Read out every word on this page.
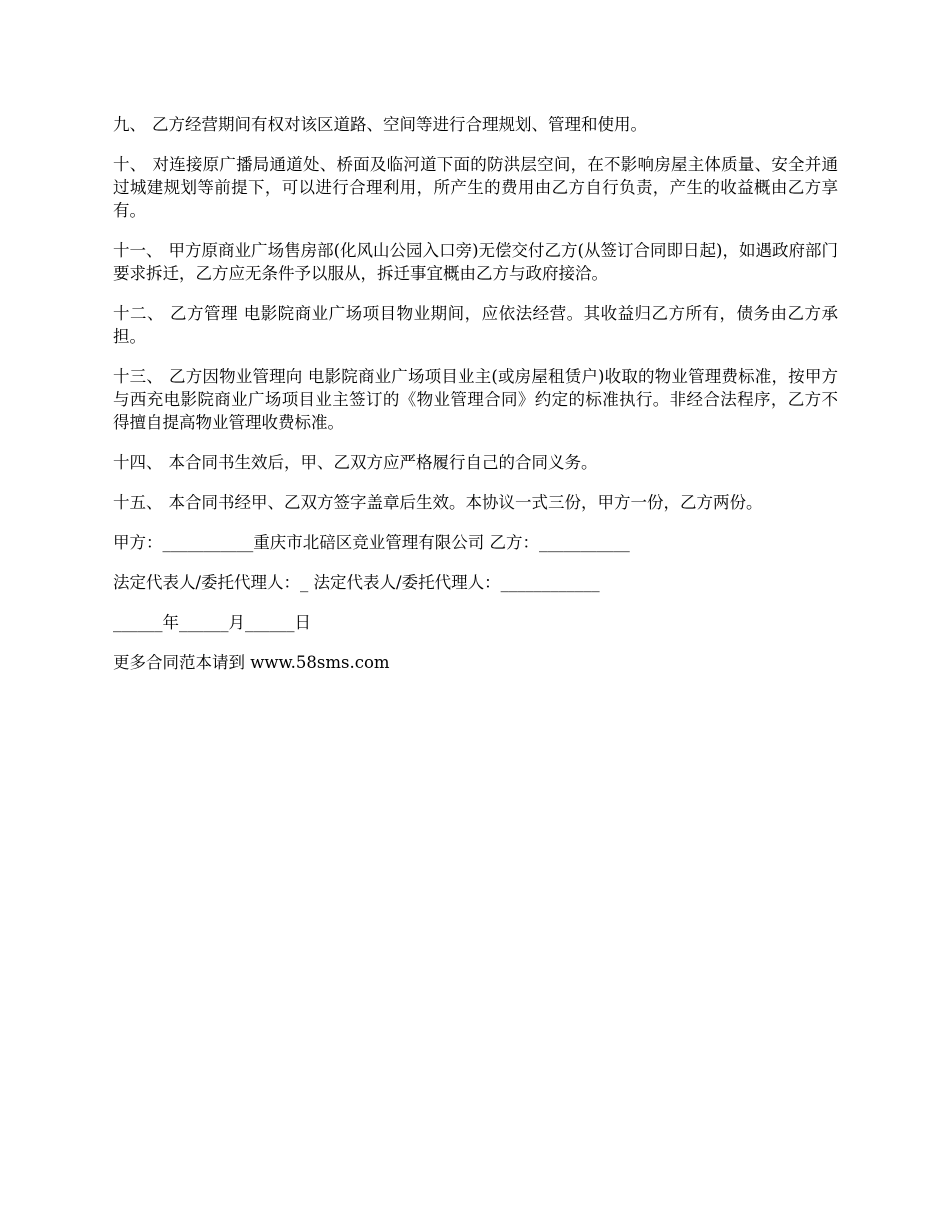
九、 乙方经营期间有权对该区道路、空间等进行合理规划、管理和使用。

十、 对连接原广播局通道处、桥面及临河道下面的防洪层空间，在不影响房屋主体质量、安全并通过城建规划等前提下，可以进行合理利用，所产生的费用由乙方自行负责，产生的收益概由乙方享有。

十一、 甲方原商业广场售房部(化风山公园入口旁)无偿交付乙方(从签订合同即日起)，如遇政府部门要求拆迁，乙方应无条件予以服从，拆迁事宜概由乙方与政府接洽。

十二、 乙方管理 电影院商业广场项目物业期间，应依法经营。其收益归乙方所有，债务由乙方承担。

十三、 乙方因物业管理向 电影院商业广场项目业主(或房屋租赁户)收取的物业管理费标准，按甲方与西充电影院商业广场项目业主签订的《物业管理合同》约定的标准执行。非经合法程序，乙方不得擅自提高物业管理收费标准。

十四、 本合同书生效后，甲、乙双方应严格履行自己的合同义务。

十五、 本合同书经甲、乙双方签字盖章后生效。本协议一式三份，甲方一份，乙方两份。

甲方：___________重庆市北碚区竞业管理有限公司 乙方：___________

法定代表人/委托代理人：_ 法定代表人/委托代理人：____________

______年______月______日

更多合同范本请到 www.58sms.com
